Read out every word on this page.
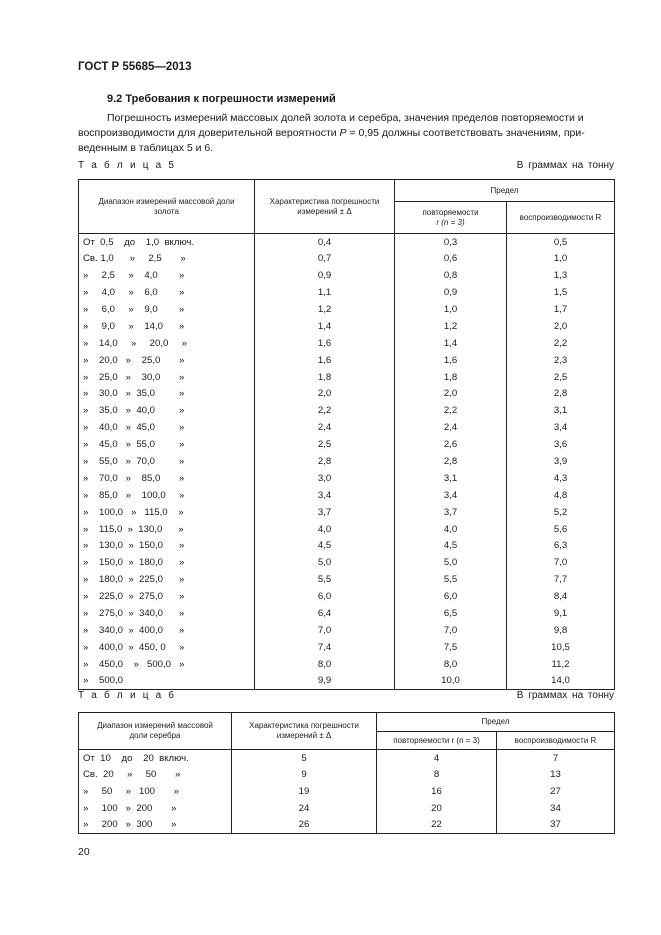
ГОСТ Р 55685—2013
9.2 Требования к погрешности измерений

Погрешность измерений массовых долей золота и серебра, значения пределов повторяемости и
воспроизводимости для доверительной вероятности P = 0,95 должны соответствовать значениям, при-
веденным в таблицах 5 и 6.

Т а б л и ц а 5	В граммах на тонну
Диапазон измерений массовой доли золота	Характеристика погрешности измерений ± Δ	Предел	
		повторяемости
r (n = 3)	воспроизводимости R
От  0,5    до    1,0  включ.	0,4	0,3	0,5
Св. 1,0      »     2,5       »	0,7	0,6	1,0
»     2,5     »    4,0        »	0,9	0,8	1,3
»     4,0     »    6,0        »	1,1	0,9	1,5
»     6,0     »    9,0        »	1,2	1,0	1,7
»     9,0     »    14,0      »	1,4	1,2	2,0
»    14,0     »     20,0     »	1,6	1,4	2,2
»    20,0   »    25,0       »	1,6	1,6	2,3
»    25,0   »    30,0       »	1,8	1,8	2,5
»    30,0   »  35,0         »	2,0	2,0	2,8
»    35,0   »  40,0         »	2,2	2,2	3,1
»    40,0   »  45,0         »	2,4	2,4	3,4
»    45,0   »  55,0         »	2,5	2,6	3,6
»    55,0   »  70,0         »	2,8	2,8	3,9
»    70,0   »    85,0       »	3,0	3,1	4,3
»    85,0   »    100,0     »	3,4	3,4	4,8
»    100,0   »   115,0    »	3,7	3,7	5,2
»    115,0  »  130,0      »	4,0	4,0	5,6
»    130,0  »  150,0      »	4,5	4,5	6,3
»    150,0  »  180,0      »	5,0	5,0	7,0
»    180,0  »  225,0      »	5,5	5,5	7,7
»    225,0  »  275,0      »	6,0	6,0	8,4
»    275,0  »  340,0      »	6,4	6,5	9,1
»    340,0  »  400,0      »	7,0	7,0	9,8
»    400,0  »  450, 0     »	7,4	7,5	10,5
»    450,0    »   500,0   »	8,0	8,0	11,2
»    500,0	9,9	10,0	14,0
Т а б л и ц а 6	В граммах на тонну
Диапазон измерений массовой доли серебра	Характеристика погрешности измерений ± Δ	Предел	
		повторяемости r (n = 3)	воспроизводимости R
От  10    до    20  включ.	5	4	7
Св.  20     »     50       »	9	8	13
»     50     »   100       »	19	16	27
»     100   »  200       »	24	20	34
»     200   »  300       »	26	22	37
20
